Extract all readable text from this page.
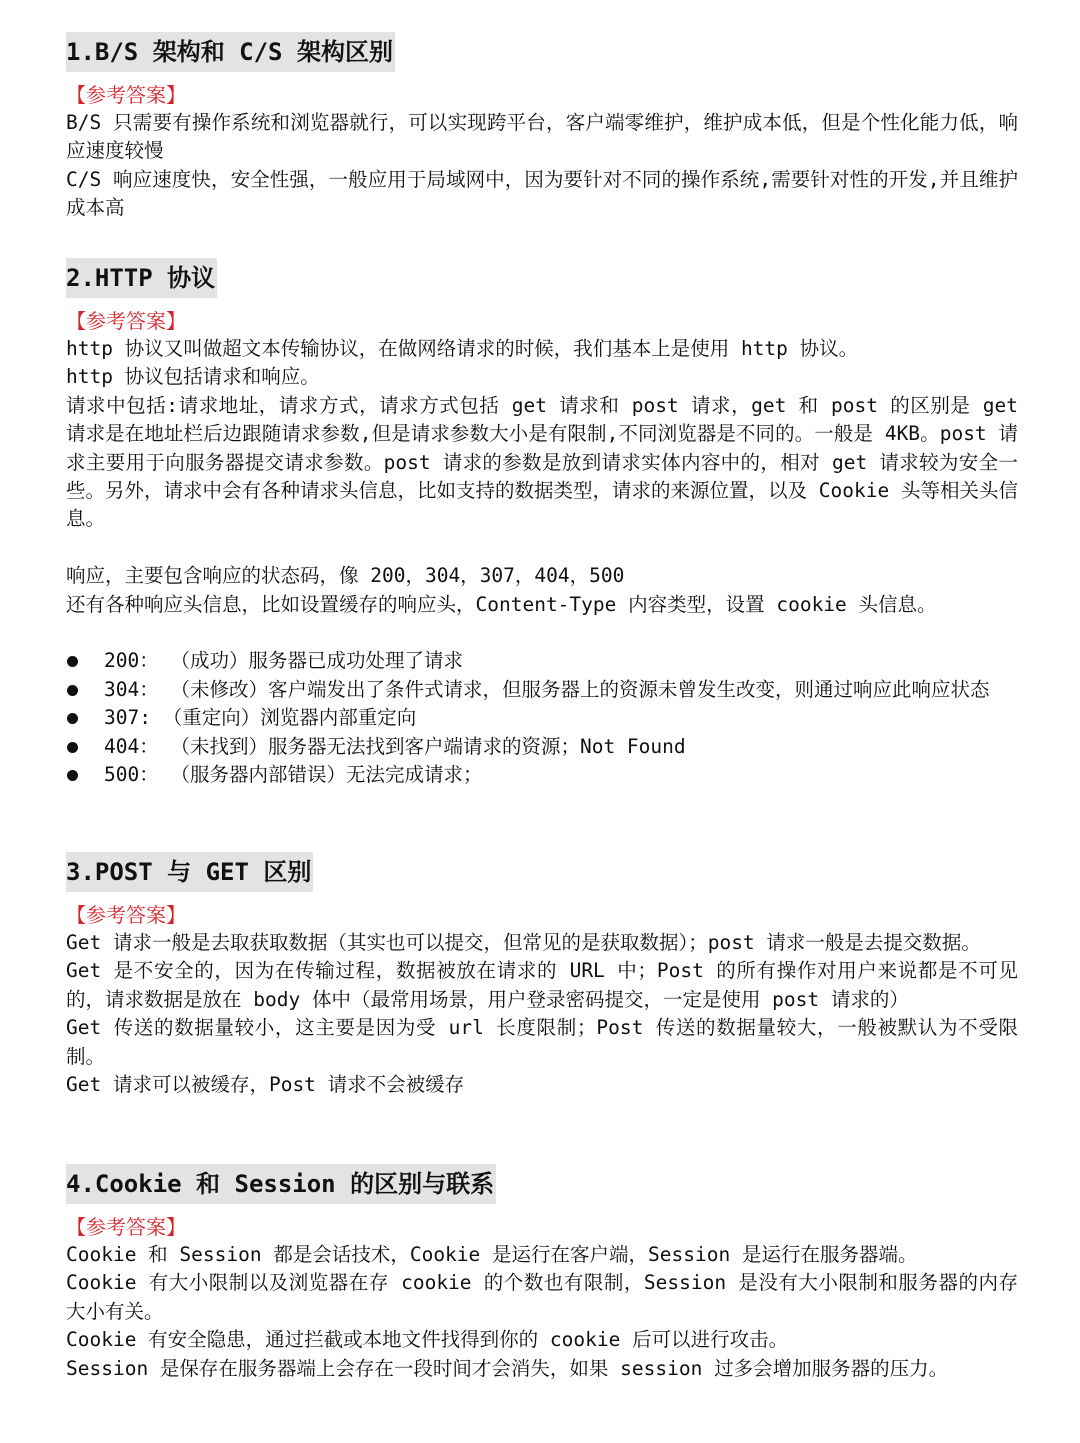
1.B/S 架构和 C/S 架构区别
【参考答案】

B/S 只需要有操作系统和浏览器就行，可以实现跨平台，客户端零维护，维护成本低，但是个性化能力低，响应速度较慢

C/S 响应速度快，安全性强，一般应用于局域网中，因为要针对不同的操作系统,需要针对性的开发,并且维护成本高

2.HTTP 协议
【参考答案】

http 协议又叫做超文本传输协议，在做网络请求的时候，我们基本上是使用 http 协议。

http 协议包括请求和响应。

请求中包括:请求地址，请求方式，请求方式包括 get 请求和 post 请求，get 和 post 的区别是 get 请求是在地址栏后边跟随请求参数,但是请求参数大小是有限制,不同浏览器是不同的。一般是 4KB。post 请求主要用于向服务器提交请求参数。post 请求的参数是放到请求实体内容中的，相对 get 请求较为安全一些。另外，请求中会有各种请求头信息，比如支持的数据类型，请求的来源位置，以及 Cookie 头等相关头信息。

响应，主要包含响应的状态码，像 200，304，307，404，500

还有各种响应头信息，比如设置缓存的响应头，Content-Type 内容类型，设置 cookie 头信息。

200： （成功）服务器已成功处理了请求
304： （未修改）客户端发出了条件式请求，但服务器上的资源未曾发生改变，则通过响应此响应状态
307: （重定向）浏览器内部重定向
404： （未找到）服务器无法找到客户端请求的资源；Not Found
500： （服务器内部错误）无法完成请求；
3.POST 与 GET 区别
【参考答案】

Get 请求一般是去取获取数据（其实也可以提交，但常见的是获取数据）；post 请求一般是去提交数据。

Get 是不安全的，因为在传输过程，数据被放在请求的 URL 中；Post 的所有操作对用户来说都是不可见的，请求数据是放在 body 体中（最常用场景，用户登录密码提交，一定是使用 post 请求的）

Get 传送的数据量较小，这主要是因为受 url 长度限制；Post 传送的数据量较大，一般被默认为不受限制。

Get 请求可以被缓存，Post 请求不会被缓存

4.Cookie 和 Session 的区别与联系
【参考答案】

Cookie 和 Session 都是会话技术，Cookie 是运行在客户端，Session 是运行在服务器端。

Cookie 有大小限制以及浏览器在存 cookie 的个数也有限制，Session 是没有大小限制和服务器的内存大小有关。

Cookie 有安全隐患，通过拦截或本地文件找得到你的 cookie 后可以进行攻击。

Session 是保存在服务器端上会存在一段时间才会消失，如果 session 过多会增加服务器的压力。
